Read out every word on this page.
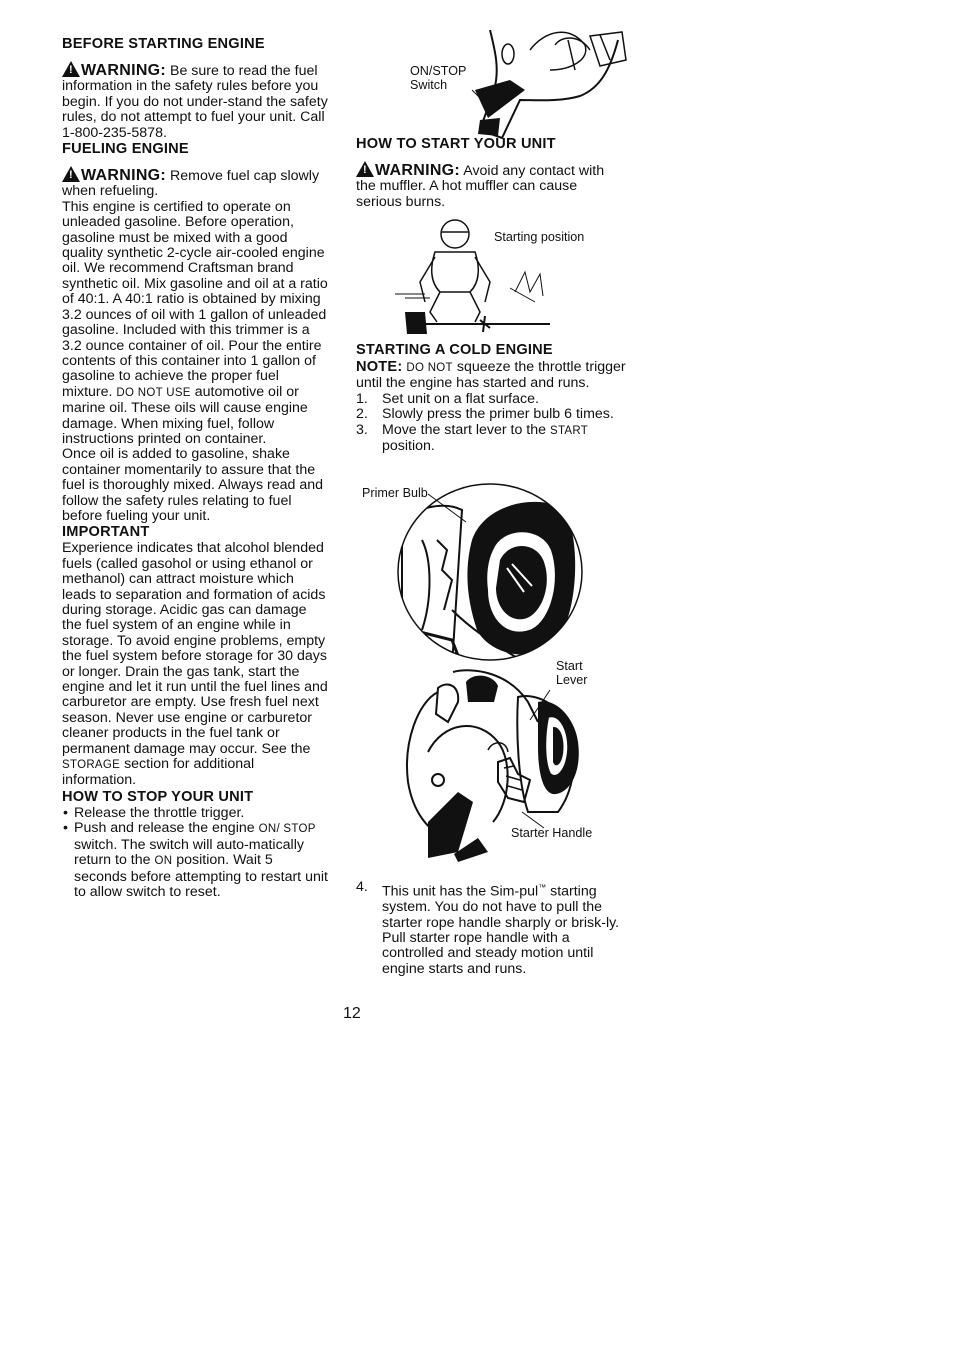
BEFORE STARTING ENGINE

!WARNING: Be sure to read the fuel information in the safety rules before you begin. If you do not under-stand the safety rules, do not attempt to fuel your unit. Call 1-800-235-5878.

FUELING ENGINE

!WARNING: Remove fuel cap slowly when refueling.

This engine is certified to operate on unleaded gasoline. Before operation, gasoline must be mixed with a good quality synthetic 2-cycle air-cooled engine oil. We recommend Craftsman brand synthetic oil. Mix gasoline and oil at a ratio of 40:1. A 40:1 ratio is obtained by mixing 3.2 ounces of oil with 1 gallon of unleaded gasoline. Included with this trimmer is a 3.2 ounce container of oil. Pour the entire contents of this container into 1 gallon of gasoline to achieve the proper fuel mixture. DO NOT USE automotive oil or marine oil. These oils will cause engine damage. When mixing fuel, follow instructions printed on container.

Once oil is added to gasoline, shake container momentarily to assure that the fuel is thoroughly mixed. Always read and follow the safety rules relating to fuel before fueling your unit.

IMPORTANT

Experience indicates that alcohol blended fuels (called gasohol or using ethanol or methanol) can attract moisture which leads to separation and formation of acids during storage. Acidic gas can damage the fuel system of an engine while in storage. To avoid engine problems, empty the fuel system before storage for 30 days or longer. Drain the gas tank, start the engine and let it run until the fuel lines and carburetor are empty. Use fresh fuel next season. Never use engine or carburetor cleaner products in the fuel tank or permanent damage may occur. See the STORAGE section for additional information.

HOW TO STOP YOUR UNIT

• Release the throttle trigger.
• Push and release the engine ON/ STOP switch. The switch will auto-matically return to the ON position. Wait 5 seconds before attempting to restart unit to allow switch to reset.
ON/STOP
Switch

HOW TO START YOUR UNIT

!WARNING: Avoid any contact with the muffler. A hot muffler can cause serious burns.

Starting position

STARTING A COLD ENGINE

NOTE: DO NOT squeeze the throttle trigger until the engine has started and runs.

1. Set unit on a flat surface.
2. Slowly press the primer bulb 6 times.
3. Move the start lever to the START position.
Primer Bulb
Start
Lever
Starter Handle
4. This unit has the Sim-pul™ starting system. You do not have to pull the starter rope handle sharply or brisk-ly. Pull starter rope handle with a controlled and steady motion until engine starts and runs.
12
